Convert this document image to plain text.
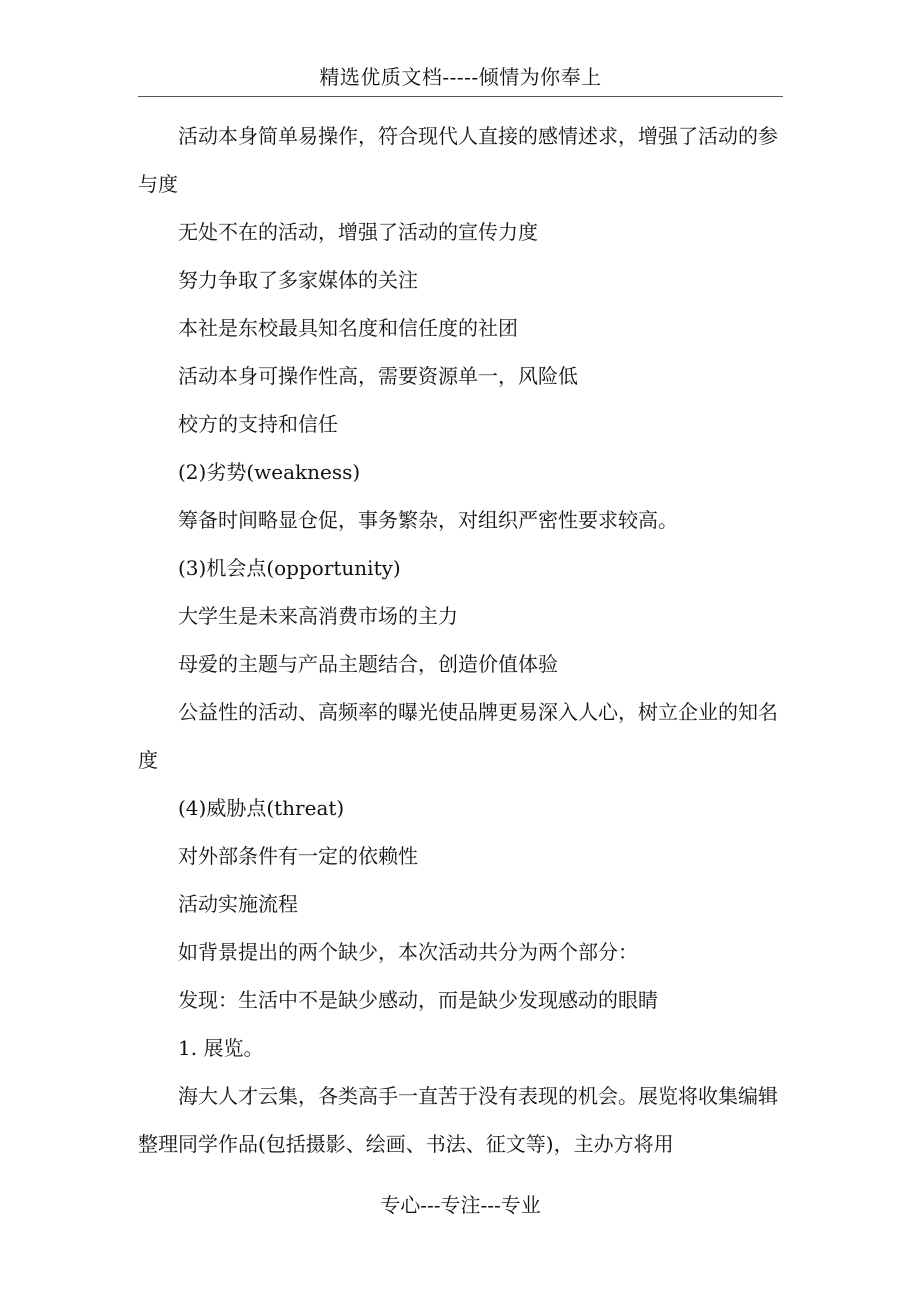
精选优质文档-----倾情为你奉上

活动本身简单易操作，符合现代人直接的感情述求，增强了活动的参与度

无处不在的活动，增强了活动的宣传力度

努力争取了多家媒体的关注

本社是东校最具知名度和信任度的社团

活动本身可操作性高，需要资源单一，风险低

校方的支持和信任

(2)劣势(weakness)

筹备时间略显仓促，事务繁杂，对组织严密性要求较高。

(3)机会点(opportunity)

大学生是未来高消费市场的主力

母爱的主题与产品主题结合，创造价值体验

公益性的活动、高频率的曝光使品牌更易深入人心，树立企业的知名度

(4)威胁点(threat)

对外部条件有一定的依赖性

活动实施流程

如背景提出的两个缺少，本次活动共分为两个部分：

发现：生活中不是缺少感动，而是缺少发现感动的眼睛

1. 展览。

海大人才云集，各类高手一直苦于没有表现的机会。展览将收集编辑整理同学作品(包括摄影、绘画、书法、征文等)，主办方将用

专心---专注---专业
